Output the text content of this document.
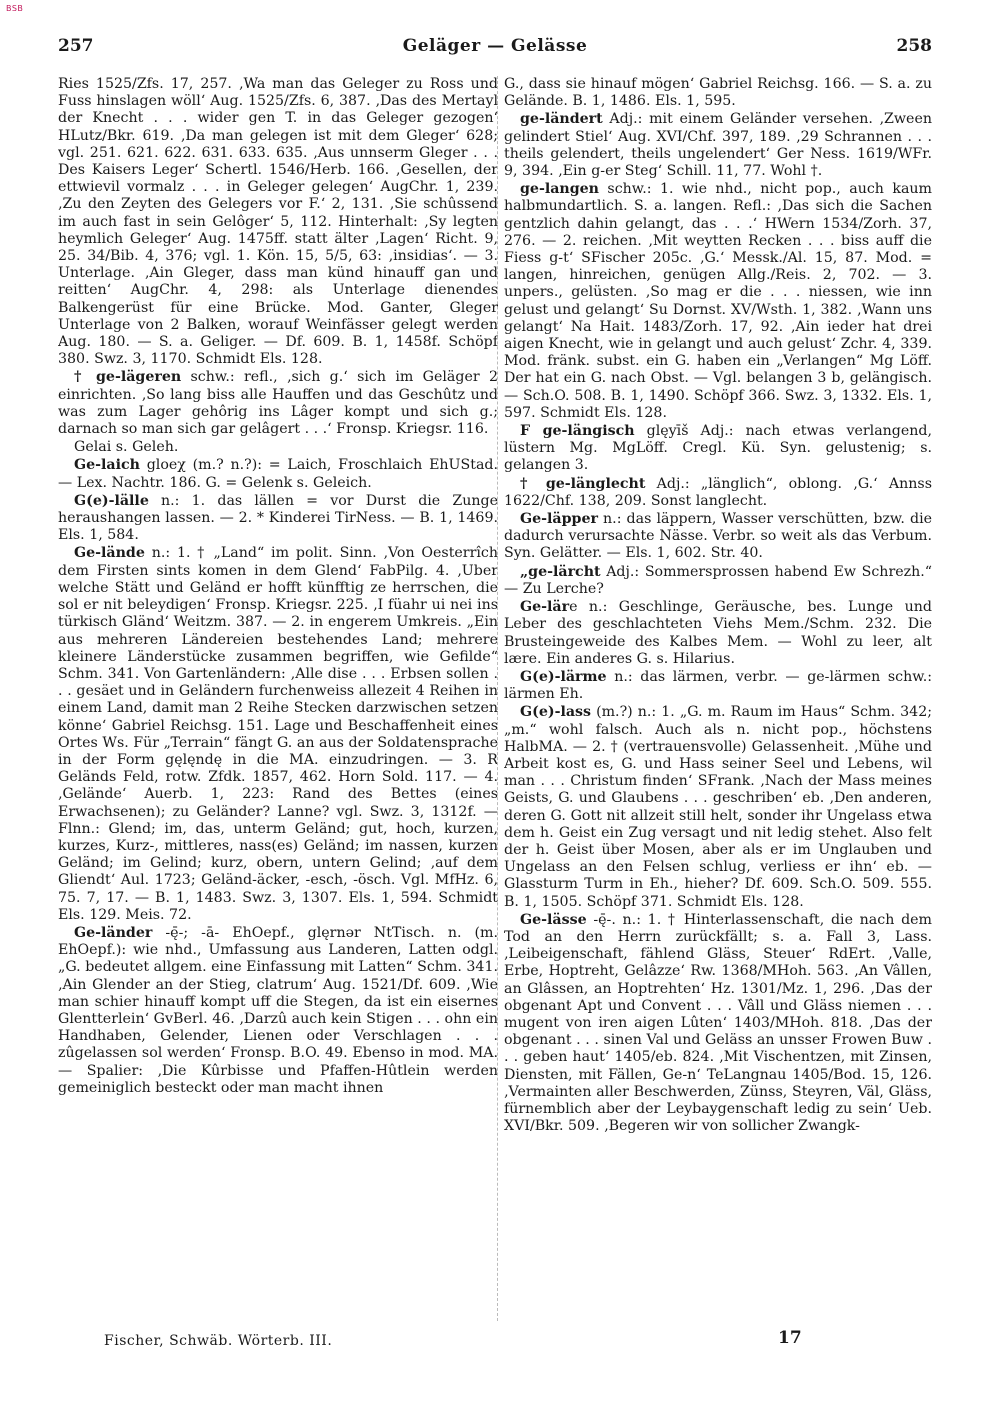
BSB
257	Geläger — Gelässe	258

Ries 1525/Zfs. 17, 257. ‚Wa man das Geleger zu Ross und Fuss hinslagen wöll‘ Aug. 1525/Zfs. 6, 387. ‚Das des Mertayl der Knecht . . . wider gen T. in das Geleger gezogen‘ HLutz/Bkr. 619. ‚Da man gelegen ist mit dem Gleger‘ 628; vgl. 251. 621. 622. 631. 633. 635. ‚Aus unnserm Gleger . . . Des Kaisers Leger‘ Schertl. 1546/Herb. 166. ‚Gesellen, der ettwievil vormalz . . . in Geleger gelegen‘ AugChr. 1, 239. ‚Zu den Zeyten des Gelegers vor F.‘ 2, 131. ‚Sie schûssend im auch fast in sein Gelôger‘ 5, 112. Hinterhalt: ‚Sy legten heymlich Geleger‘ Aug. 1475ff. statt älter ‚Lagen‘ Richt. 9, 25. 34/Bib. 4, 376; vgl. 1. Kön. 15, 5/5, 63: ‚insidias‘. — 3. Unterlage. ‚Ain Gleger, dass man künd hinauff gan und reitten‘ AugChr. 4, 298: als Unterlage dienendes Balkengerüst für eine Brücke. Mod. Ganter, Gleger Unterlage von 2 Balken, worauf Weinfässer gelegt werden Aug. 180. — S. a. Geliger. — Df. 609. B. 1, 1458f. Schöpf 380. Swz. 3, 1170. Schmidt Els. 128.

† ge-lägeren schw.: refl., ‚sich g.‘ sich im Geläger 2 einrichten. ‚So lang biss alle Hauffen und das Geschûtz und was zum Lager gehôrig ins Lâger kompt und sich g.; darnach so man sich gar gelâgert . . .‘ Fronsp. Kriegsr. 116.

Gelai s. Geleh.

Ge-laich gloeχ (m.? n.?): = Laich, Froschlaich EhUStad. — Lex. Nachtr. 186. G. = Gelenk s. Geleich.

G(e)-lälle n.: 1. das lällen = vor Durst die Zunge heraushangen lassen. — 2. * Kinderei TirNess. — B. 1, 1469. Els. 1, 584.

Ge-lände n.: 1. † „Land“ im polit. Sinn. ‚Von Oesterrîch dem Firsten sints komen in dem Glend‘ FabPilg. 4. ‚Uber welche Stätt und Geländ er hofft künfftig ze herrschen, die sol er nit beleydigen‘ Fronsp. Kriegsr. 225. ‚I füahr ui nei ins türkisch Gländ‘ Weitzm. 387. — 2. in engerem Umkreis. „Ein aus mehreren Ländereien bestehendes Land; mehrere kleinere Länderstücke zusammen begriffen, wie Gefilde“ Schm. 341. Von Gartenländern: ‚Alle dise . . . Erbsen sollen . . . gesäet und in Geländern furchenweiss allezeit 4 Reihen in einem Land, damit man 2 Reihe Stecken darzwischen setzen könne‘ Gabriel Reichsg. 151. Lage und Beschaffenheit eines Ortes Ws. Für „Terrain“ fängt G. an aus der Soldatensprache in der Form gęlęndę in die MA. einzudringen. — 3. R Geländs Feld, rotw. Zfdk. 1857, 462. Horn Sold. 117. — 4. ‚Gelände‘ Auerb. 1, 223: Rand des Bettes (eines Erwachsenen); zu Geländer? Lanne? vgl. Swz. 3, 1312f. — Flnn.: Glend; im, das, unterm Geländ; gut, hoch, kurzen, kurzes, Kurz-, mittleres, nass(es) Geländ; im nassen, kurzen Geländ; im Gelind; kurz, obern, untern Gelind; ‚auf dem Gliendt‘ Aul. 1723; Geländ-äcker, -esch, -ösch. Vgl. MfHz. 6, 75. 7, 17. — B. 1, 1483. Swz. 3, 1307. Els. 1, 594. Schmidt Els. 129. Meis. 72.

Ge-länder -ę̄-; -ā- EhOepf., glęrnər NtTisch. n. (m. EhOepf.): wie nhd., Umfassung aus Landeren, Latten odgl. „G. bedeutet allgem. eine Einfassung mit Latten“ Schm. 341. ‚Ain Glender an der Stieg, clatrum‘ Aug. 1521/Df. 609. ‚Wie man schier hinauff kompt uff die Stegen, da ist ein eisernes Glentterlein‘ GvBerl. 46. ‚Darzû auch kein Stigen . . . ohn ein Handhaben, Gelender, Lienen oder Verschlagen . . . zûgelassen sol werden‘ Fronsp. B.O. 49. Ebenso in mod. MA. — Spalier: ‚Die Kûrbisse und Pfaffen-Hûtlein werden gemeiniglich besteckt oder man macht ihnen

G., dass sie hinauf mögen‘ Gabriel Reichsg. 166. — S. a. zu Gelände. B. 1, 1486. Els. 1, 595.

ge-ländert Adj.: mit einem Geländer versehen. ‚Zween gelindert Stiel‘ Aug. XVI/Chf. 397, 189. ‚29 Schrannen . . . theils gelendert, theils ungelendert‘ Ger Ness. 1619/WFr. 9, 394. ‚Ein g-er Steg‘ Schill. 11, 77. Wohl †.

ge-langen schw.: 1. wie nhd., nicht pop., auch kaum halbmundartlich. S. a. langen. Refl.: ‚Das sich die Sachen gentzlich dahin gelangt, das . . .‘ HWern 1534/Zorh. 37, 276. — 2. reichen. ‚Mit weytten Recken . . . biss auff die Fiess g-t‘ SFischer 205c. ‚G.‘ Messk./Al. 15, 87. Mod. = langen, hinreichen, genügen Allg./Reis. 2, 702. — 3. unpers., gelüsten. ‚So mag er die . . . niessen, wie inn gelust und gelangt‘ Su Dornst. XV/Wsth. 1, 382. ‚Wann uns gelangt‘ Na Hait. 1483/Zorh. 17, 92. ‚Ain ieder hat drei aigen Knecht, wie in gelangt und auch gelust‘ Zchr. 4, 339. Mod. fränk. subst. ein G. haben ein „Verlangen“ Mg Löff. Der hat ein G. nach Obst. — Vgl. belangen 3 b, gelängisch. — Sch.O. 508. B. 1, 1490. Schöpf 366. Swz. 3, 1332. Els. 1, 597. Schmidt Els. 128.

F ge-längisch glęyīš Adj.: nach etwas verlangend, lüstern Mg. MgLöff. Cregl. Kü. Syn. gelustenig; s. gelangen 3.

† ge-länglecht Adj.: „länglich“, oblong. ‚G.‘ Annss 1622/Chf. 138, 209. Sonst langlecht.

Ge-läpper n.: das läppern, Wasser verschütten, bzw. die dadurch verursachte Nässe. Verbr. so weit als das Verbum. Syn. Gelätter. — Els. 1, 602. Str. 40.

„ge-lärcht Adj.: Sommersprossen habend Ew Schrezh.“ — Zu Lerche?

Ge-läre n.: Geschlinge, Geräusche, bes. Lunge und Leber des geschlachteten Viehs Mem./Schm. 232. Die Brusteingeweide des Kalbes Mem. — Wohl zu leer, alt lære. Ein anderes G. s. Hilarius.

G(e)-lärme n.: das lärmen, verbr. — ge-lärmen schw.: lärmen Eh.

G(e)-lass (m.?) n.: 1. „G. m. Raum im Haus“ Schm. 342; „m.“ wohl falsch. Auch als n. nicht pop., höchstens HalbMA. — 2. † (vertrauensvolle) Gelassenheit. ‚Mühe und Arbeit kost es, G. und Hass seiner Seel und Lebens, wil man . . . Christum finden‘ SFrank. ‚Nach der Mass meines Geists, G. und Glaubens . . . geschriben‘ eb. ‚Den anderen, deren G. Gott nit allzeit still helt, sonder ihr Ungelass etwa dem h. Geist ein Zug versagt und nit ledig stehet. Also felt der h. Geist über Mosen, aber als er im Unglauben und Ungelass an den Felsen schlug, verliess er ihn‘ eb. — Glassturm Turm in Eh., hieher? Df. 609. Sch.O. 509. 555. B. 1, 1505. Schöpf 371. Schmidt Els. 128.

Ge-lässe -ę̄-. n.: 1. † Hinterlassenschaft, die nach dem Tod an den Herrn zurückfällt; s. a. Fall 3, Lass. ‚Leibeigenschaft, fählend Gläss, Steuer‘ RdErt. ‚Valle, Erbe, Hoptreht, Gelâzze‘ Rw. 1368/MHoh. 563. ‚An Vâllen, an Glâssen, an Hoptrehten‘ Hz. 1301/Mz. 1, 296. ‚Das der obgenant Apt und Convent . . . Vâll und Gläss niemen . . . mugent von iren aigen Lûten‘ 1403/MHoh. 818. ‚Das der obgenant . . . sinen Val und Geläss an unsser Frowen Buw . . . geben haut‘ 1405/eb. 824. ‚Mit Vischentzen, mit Zinsen, Diensten, mit Fällen, Ge-n‘ TeLangnau 1405/Bod. 15, 126. ‚Vermainten aller Beschwerden, Zünss, Steyren, Väl, Gläss, fürnemblich aber der Leybaygenschaft ledig zu sein‘ Ueb. XVI/Bkr. 509. ‚Begeren wir von sollicher Zwangk-

Fischer, Schwäb. Wörterb. III.	17
